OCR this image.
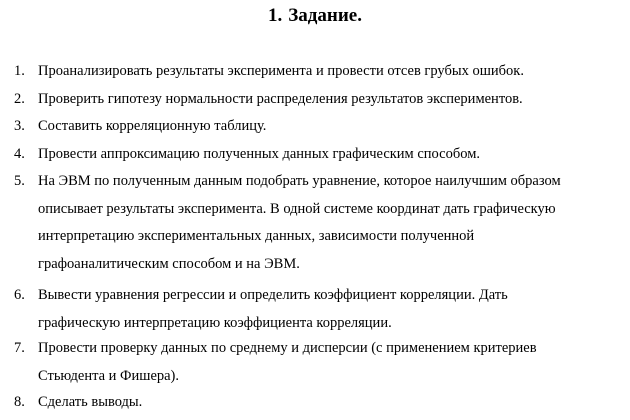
1. Задание.
1. Проанализировать результаты эксперимента и провести отсев грубых ошибок.
2. Проверить гипотезу нормальности распределения результатов экспериментов.
3. Составить корреляционную таблицу.
4. Провести аппроксимацию полученных данных графическим способом.
5. На ЭВМ по полученным данным подобрать уравнение, которое наилучшим образом
описывает результаты эксперимента. В одной системе координат дать графическую
интерпретацию экспериментальных данных, зависимости полученной
графоаналитическим способом и на ЭВМ.
6. Вывести уравнения регрессии и определить коэффициент корреляции. Дать
графическую интерпретацию коэффициента корреляции.
7. Провести проверку данных по среднему и дисперсии (с применением критериев
Стьюдента и Фишера).
8. Сделать выводы.
